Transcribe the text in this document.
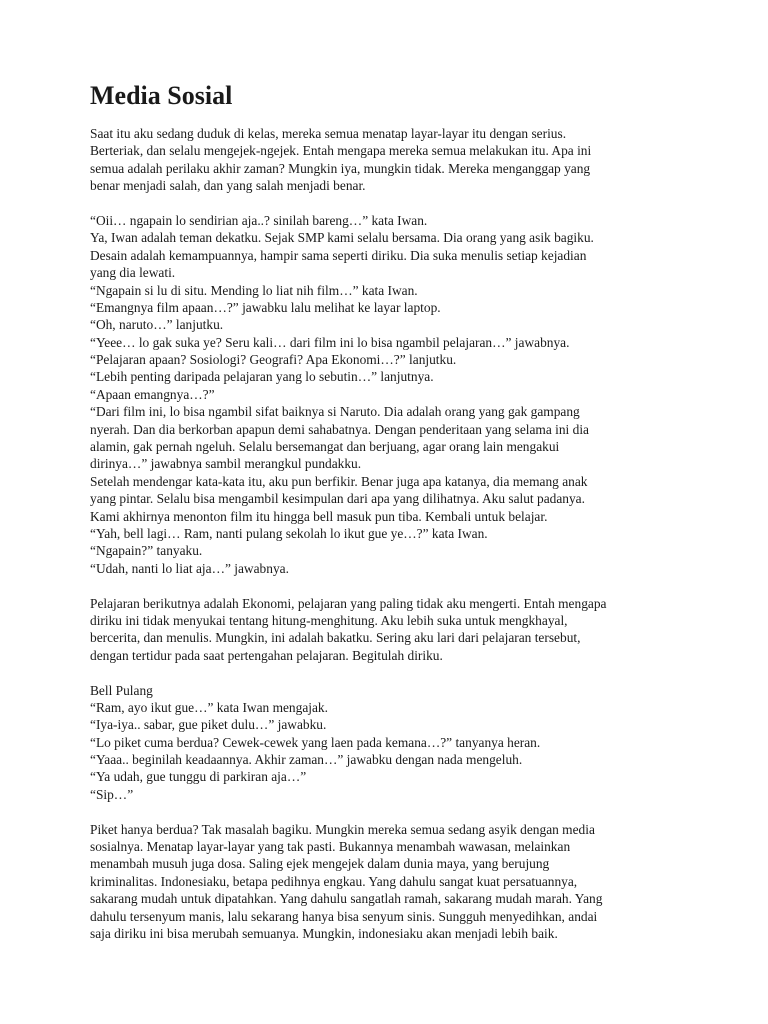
Media Sosial
Saat itu aku sedang duduk di kelas, mereka semua menatap layar-layar itu dengan serius.
Berteriak, dan selalu mengejek-ngejek. Entah mengapa mereka semua melakukan itu. Apa ini
semua adalah perilaku akhir zaman? Mungkin iya, mungkin tidak. Mereka menganggap yang
benar menjadi salah, dan yang salah menjadi benar.
“Oii… ngapain lo sendirian aja..? sinilah bareng…” kata Iwan.
Ya, Iwan adalah teman dekatku. Sejak SMP kami selalu bersama. Dia orang yang asik bagiku.
Desain adalah kemampuannya, hampir sama seperti diriku. Dia suka menulis setiap kejadian
yang dia lewati.
“Ngapain si lu di situ. Mending lo liat nih film…” kata Iwan.
“Emangnya film apaan…?” jawabku lalu melihat ke layar laptop.
“Oh, naruto…” lanjutku.
“Yeee… lo gak suka ye? Seru kali… dari film ini lo bisa ngambil pelajaran…” jawabnya.
“Pelajaran apaan? Sosiologi? Geografi? Apa Ekonomi…?” lanjutku.
“Lebih penting daripada pelajaran yang lo sebutin…” lanjutnya.
“Apaan emangnya…?”
“Dari film ini, lo bisa ngambil sifat baiknya si Naruto. Dia adalah orang yang gak gampang
nyerah. Dan dia berkorban apapun demi sahabatnya. Dengan penderitaan yang selama ini dia
alamin, gak pernah ngeluh. Selalu bersemangat dan berjuang, agar orang lain mengakui
dirinya…” jawabnya sambil merangkul pundakku.
Setelah mendengar kata-kata itu, aku pun berfikir. Benar juga apa katanya, dia memang anak
yang pintar. Selalu bisa mengambil kesimpulan dari apa yang dilihatnya. Aku salut padanya.
Kami akhirnya menonton film itu hingga bell masuk pun tiba. Kembali untuk belajar.
“Yah, bell lagi… Ram, nanti pulang sekolah lo ikut gue ye…?” kata Iwan.
“Ngapain?” tanyaku.
“Udah, nanti lo liat aja…” jawabnya.
Pelajaran berikutnya adalah Ekonomi, pelajaran yang paling tidak aku mengerti. Entah mengapa
diriku ini tidak menyukai tentang hitung-menghitung. Aku lebih suka untuk mengkhayal,
bercerita, dan menulis. Mungkin, ini adalah bakatku. Sering aku lari dari pelajaran tersebut,
dengan tertidur pada saat pertengahan pelajaran. Begitulah diriku.
Bell Pulang
“Ram, ayo ikut gue…” kata Iwan mengajak.
“Iya-iya.. sabar, gue piket dulu…” jawabku.
“Lo piket cuma berdua? Cewek-cewek yang laen pada kemana…?” tanyanya heran.
“Yaaa.. beginilah keadaannya. Akhir zaman…” jawabku dengan nada mengeluh.
“Ya udah, gue tunggu di parkiran aja…”
“Sip…”
Piket hanya berdua? Tak masalah bagiku. Mungkin mereka semua sedang asyik dengan media
sosialnya. Menatap layar-layar yang tak pasti. Bukannya menambah wawasan, melainkan
menambah musuh juga dosa. Saling ejek mengejek dalam dunia maya, yang berujung
kriminalitas. Indonesiaku, betapa pedihnya engkau. Yang dahulu sangat kuat persatuannya,
sakarang mudah untuk dipatahkan. Yang dahulu sangatlah ramah, sakarang mudah marah. Yang
dahulu tersenyum manis, lalu sekarang hanya bisa senyum sinis. Sungguh menyedihkan, andai
saja diriku ini bisa merubah semuanya. Mungkin, indonesiaku akan menjadi lebih baik.
